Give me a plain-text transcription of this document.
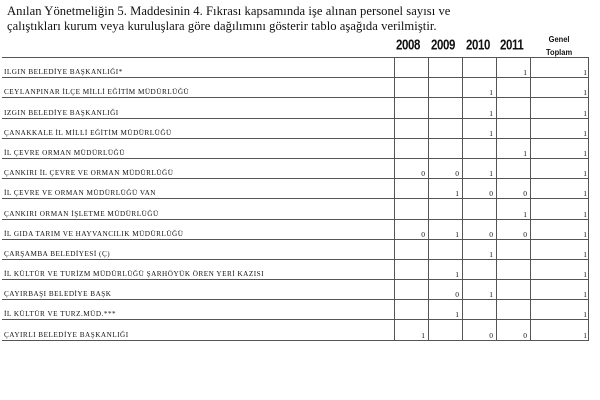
Anılan Yönetmeliğin 5. Maddesinin 4. Fıkrası kapsamında işe alınan personel sayısı ve

çalıştıkları kurum veya kuruluşlara göre dağılımını gösterir tablo aşağıda verilmiştir.

2008 2009 2010 2011	Genel
Toplam
ILGIN BELEDİYE BAŞKANLIĞI*				1	1
CEYLANPINAR İLÇE MİLLİ EĞİTİM MÜDÜRLÜĞÜ			1		1
IZGIN BELEDİYE BAŞKANLIĞI			1		1
ÇANAKKALE İL MİLLİ EĞİTİM MÜDÜRLÜĞÜ			1		1
İL ÇEVRE ORMAN MÜDÜRLÜĞÜ				1	1
ÇANKIRI İL ÇEVRE VE ORMAN MÜDÜRLÜĞÜ	0	0	1		1
İL ÇEVRE VE ORMAN MÜDÜRLÜĞÜ VAN		1	0	0	1
ÇANKIRI ORMAN İŞLETME MÜDÜRLÜĞÜ				1	1
İL GIDA TARIM VE HAYVANCILIK MÜDÜRLÜĞÜ	0	1	0	0	1
ÇARŞAMBA BELEDİYESİ (Ç)			1		1
İL KÜLTÜR VE TURİZM MÜDÜRLÜĞÜ ŞARHÖYÜK ÖREN YERİ KAZISI		1			1
ÇAYIRBAŞI BELEDİYE BAŞK		0	1		1
İL KÜLTÜR VE TURZ.MÜD.***		1			1
ÇAYIRLI BELEDİYE BAŞKANLIĞI	1		0	0	1
